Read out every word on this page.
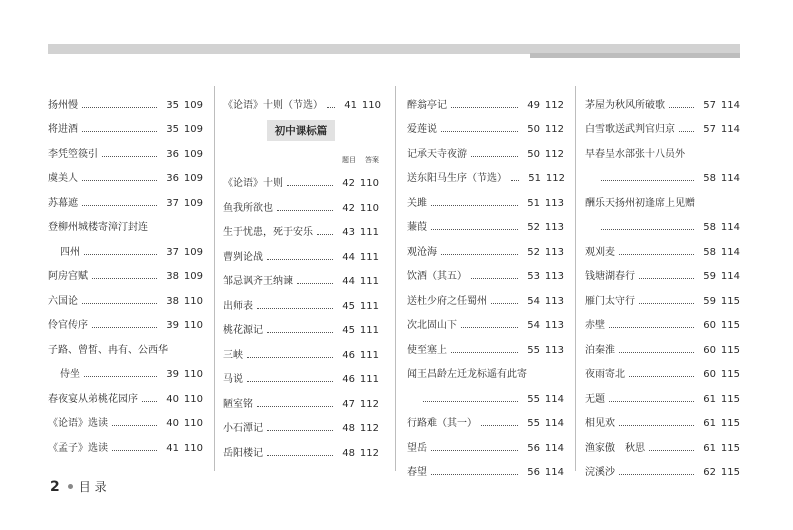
扬州慢	35 109
将进酒	35 109
李凭箜篌引	36 109
虞美人	36 109
苏幕遮	37 109
登柳州城楼寄漳汀封连
四州	37 109
阿房宫赋	38 109
六国论	38 110
伶官传序	39 110
子路、曾皙、冉有、公西华
侍坐	39 110
春夜宴从弟桃花园序	40 110
《论语》选读	40 110
《孟子》选读	41 110
《论语》十则（节选）	41 110
初中课标篇
题目 答案
《论语》十则	42 110
鱼我所欲也	42 110
生于忧患，死于安乐	43 111
曹刿论战	44 111
邹忌讽齐王纳谏	44 111
出师表	45 111
桃花源记	45 111
三峡	46 111
马说	46 111
陋室铭	47 112
小石潭记	48 112
岳阳楼记	48 112
醉翁亭记	49 112
爱莲说	50 112
记承天寺夜游	50 112
送东阳马生序（节选）	51 112
关雎	51 113
蒹葭	52 113
观沧海	52 113
饮酒（其五）	53 113
送杜少府之任蜀州	54 113
次北固山下	54 113
使至塞上	55 113
闻王昌龄左迁龙标遥有此寄
55 114
行路难（其一）	55 114
望岳	56 114
春望	56 114
茅屋为秋风所破歌	57 114
白雪歌送武判官归京	57 114
早春呈水部张十八员外
58 114
酬乐天扬州初逢席上见赠
58 114
观刈麦	58 114
钱塘湖春行	59 114
雁门太守行	59 115
赤壁	60 115
泊秦淮	60 115
夜雨寄北	60 115
无题	61 115
相见欢	61 115
渔家傲　秋思	61 115
浣溪沙	62 115
2 目 录
